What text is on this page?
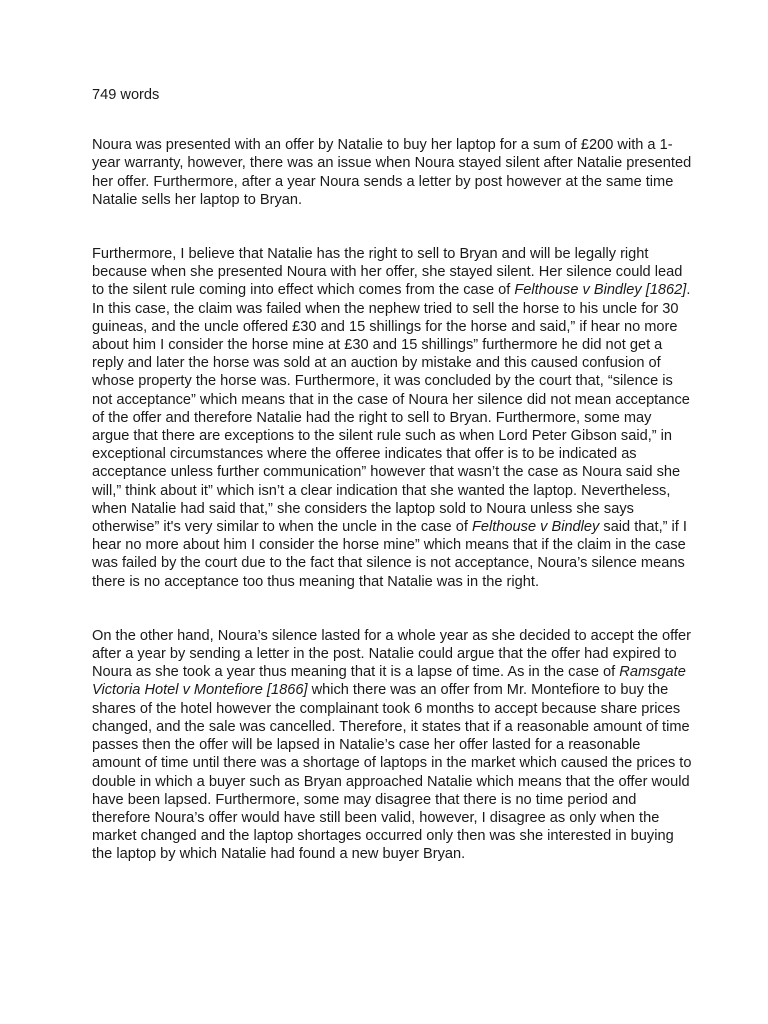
749 words

Noura was presented with an offer by Natalie to buy her laptop for a sum of £200 with a 1-year warranty, however, there was an issue when Noura stayed silent after Natalie presented her offer. Furthermore, after a year Noura sends a letter by post however at the same time Natalie sells her laptop to Bryan.

Furthermore, I believe that Natalie has the right to sell to Bryan and will be legally right because when she presented Noura with her offer, she stayed silent. Her silence could lead to the silent rule coming into effect which comes from the case of Felthouse v Bindley [1862]. In this case, the claim was failed when the nephew tried to sell the horse to his uncle for 30 guineas, and the uncle offered £30 and 15 shillings for the horse and said,” if hear no more about him I consider the horse mine at £30 and 15 shillings” furthermore he did not get a reply and later the horse was sold at an auction by mistake and this caused confusion of whose property the horse was. Furthermore, it was concluded by the court that, “silence is not acceptance” which means that in the case of Noura her silence did not mean acceptance of the offer and therefore Natalie had the right to sell to Bryan. Furthermore, some may argue that there are exceptions to the silent rule such as when Lord Peter Gibson said,” in exceptional circumstances where the offeree indicates that offer is to be indicated as acceptance unless further communication” however that wasn’t the case as Noura said she will,” think about it” which isn’t a clear indication that she wanted the laptop. Nevertheless, when Natalie had said that,” she considers the laptop sold to Noura unless she says otherwise” it's very similar to when the uncle in the case of Felthouse v Bindley said that,” if I hear no more about him I consider the horse mine” which means that if the claim in the case was failed by the court due to the fact that silence is not acceptance, Noura’s silence means there is no acceptance too thus meaning that Natalie was in the right.

On the other hand, Noura’s silence lasted for a whole year as she decided to accept the offer after a year by sending a letter in the post. Natalie could argue that the offer had expired to Noura as she took a year thus meaning that it is a lapse of time. As in the case of Ramsgate Victoria Hotel v Montefiore [1866] which there was an offer from Mr. Montefiore to buy the shares of the hotel however the complainant took 6 months to accept because share prices changed, and the sale was cancelled. Therefore, it states that if a reasonable amount of time passes then the offer will be lapsed in Natalie’s case her offer lasted for a reasonable amount of time until there was a shortage of laptops in the market which caused the prices to double in which a buyer such as Bryan approached Natalie which means that the offer would have been lapsed. Furthermore, some may disagree that there is no time period and therefore Noura’s offer would have still been valid, however, I disagree as only when the market changed and the laptop shortages occurred only then was she interested in buying the laptop by which Natalie had found a new buyer Bryan.
